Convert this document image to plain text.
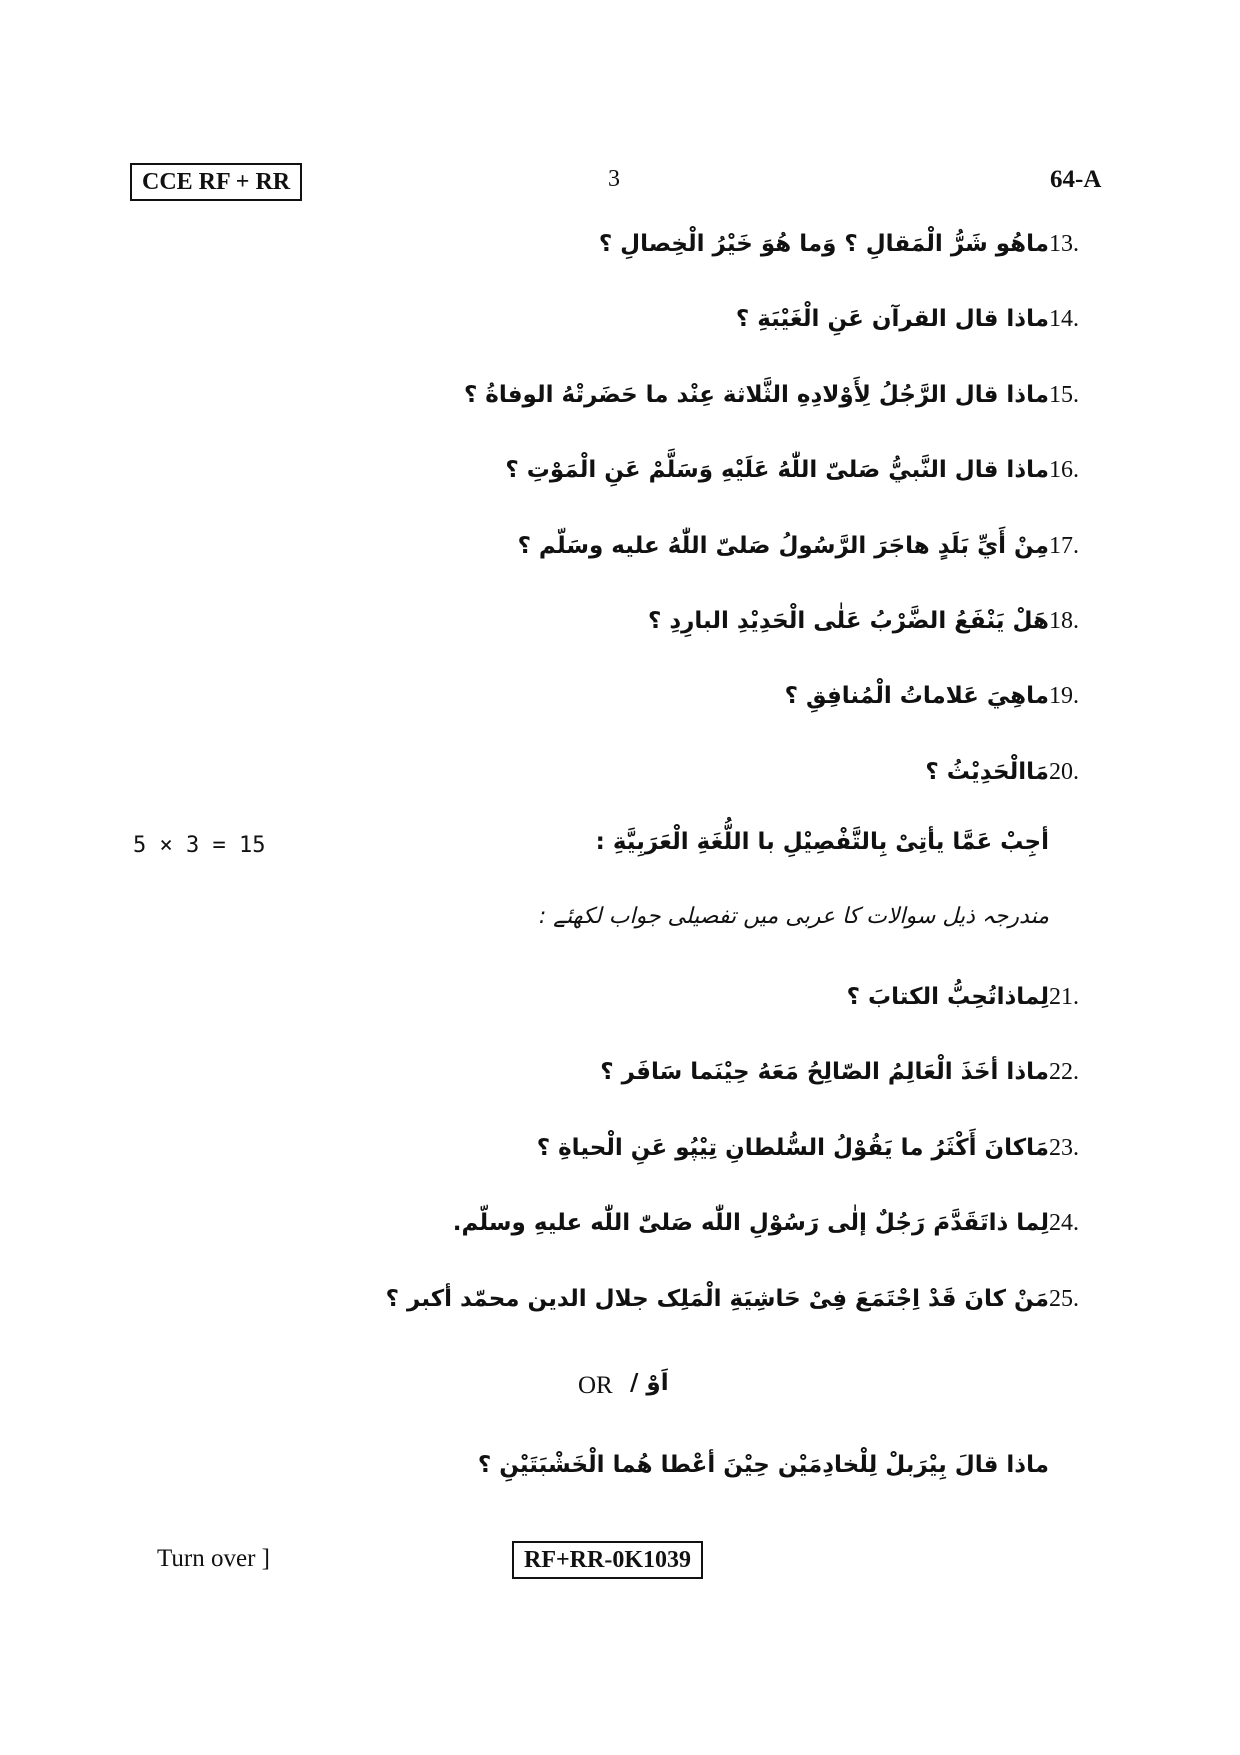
CCE RF + RR	3	64-A
13.
ماهُو شَرُّ الْمَقالِ ؟ وَما هُوَ خَيْرُ الْخِصالِ ؟
14.
ماذا قال القرآن عَنِ الْغَيْبَةِ ؟
15.
ماذا قال الرَّجُلُ لِأَوْلادِهِ الثَّلاثة عِنْد ما حَضَرتْهُ الوفاةُ ؟
16.
ماذا قال النَّبيُّ صَلىّ اللّٰهُ عَلَيْهِ وَسَلَّمْ عَنِ الْمَوْتِ ؟
17.
مِنْ أَيِّ بَلَدٍ هاجَرَ الرَّسُولُ صَلىّ اللّٰهُ عليه وسَلّم ؟
18.
هَلْ يَنْفَعُ الضَّرْبُ عَلٰى الْحَدِيْدِ البارِدِ ؟
19.
ماهِيَ عَلاماتُ الْمُنافِقِ ؟
20.
مَاالْحَدِيْثُ ؟
5 × 3 = 15	أجِبْ عَمَّا يأتِىْ بِالتَّفْصِيْلِ با اللُّغَةِ الْعَرَبِيَّةِ :
مندرجہ ذیل سوالات کا عربی میں تفصیلی جواب لکھئے :
21.
لِماذاتُحِبُّ الكتابَ ؟
22.
ماذا أخَذَ الْعَالِمُ الصّالِحُ مَعَهُ حِيْنَما سَافَر ؟
23.
مَاكانَ أَكْثَرُ ما يَقُوْلُ السُّلطانِ تِيْپُو عَنِ الْحياةِ ؟
24.
لِما ذاتَقَدَّمَ رَجُلٌ إلٰى رَسُوْلِ اللّٰه صَلىّٰ اللّٰه عليهِ وسلّم.
25.
مَنْ كانَ قَدْ اِجْتَمَعَ فِىْ حَاشِيَةِ الْمَلِک جلال الدين محمّد أكبر ؟
OR اَوْ /
ماذا قالَ بِيْرَبلْ لِلْخادِمَيْن حِيْنَ أعْطا هُما الْخَشْبَتَيْنِ ؟
Turn over ]	RF+RR-0K1039
